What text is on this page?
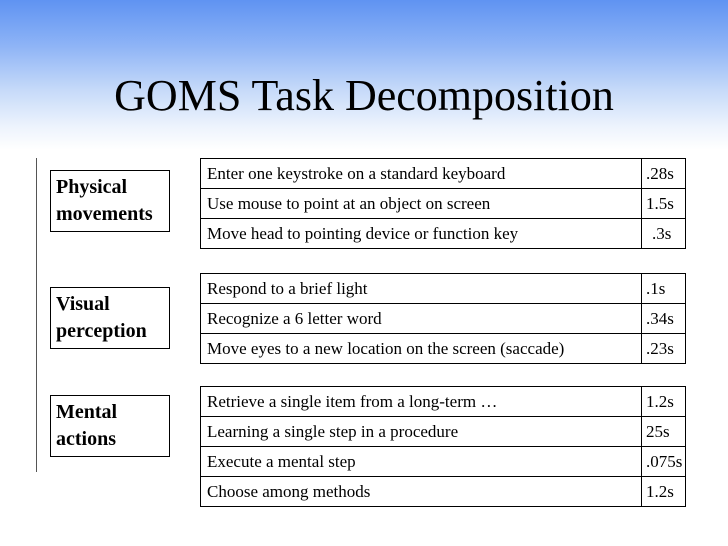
GOMS Task Decomposition
Physical
movements
Enter one keystroke on a standard keyboard	.28s
Use mouse to point at an object on screen	1.5s
Move head to pointing device or function key	.3s
Visual
perception
Respond to a brief light	.1s
Recognize a 6 letter word	.34s
Move eyes to a new location on the screen (saccade)	.23s
Mental
actions
Retrieve a single item from a long-term …	1.2s
Learning a single step in a procedure	25s
Execute a mental step	.075s
Choose among methods	1.2s
